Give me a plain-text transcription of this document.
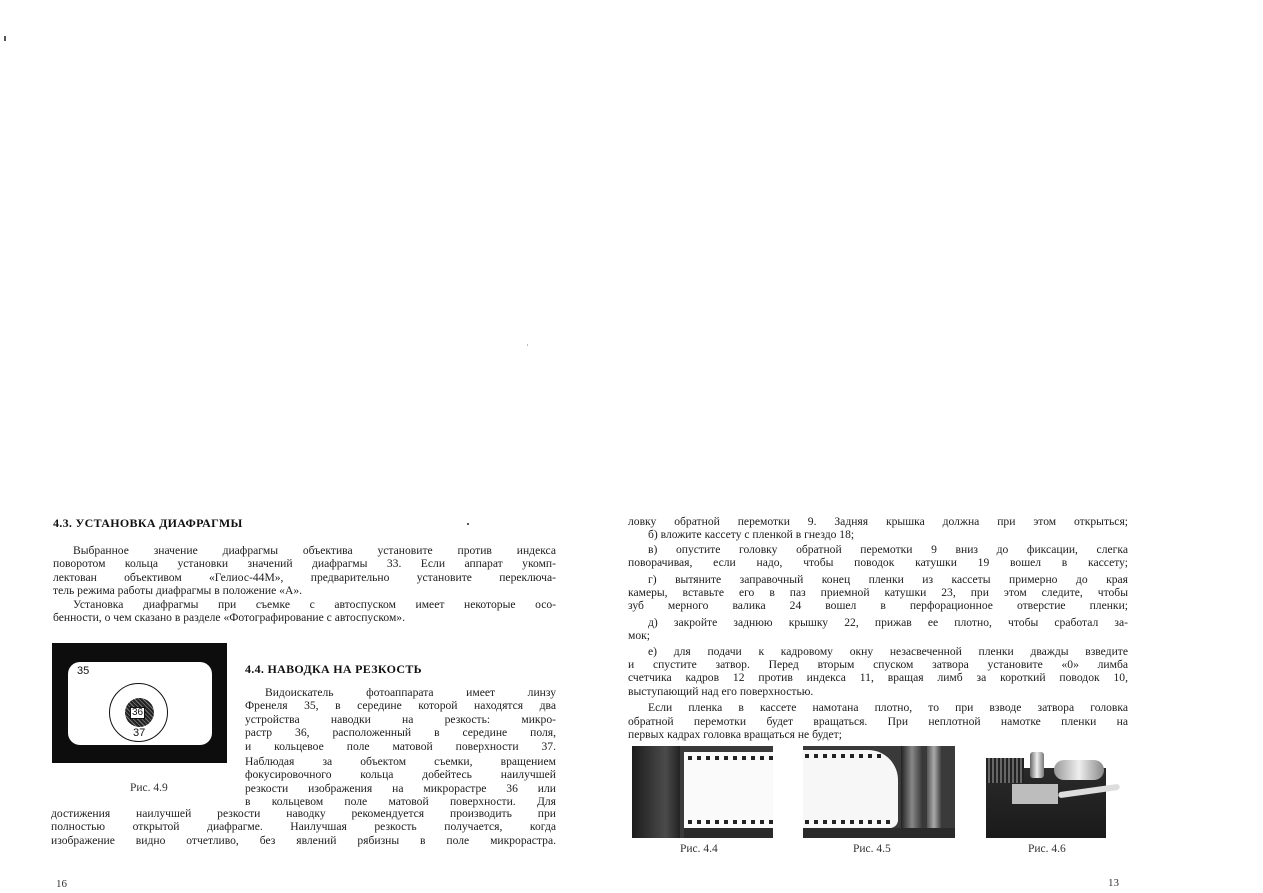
4.3. УСТАНОВКА ДИАФРАГМЫ
Выбранное значение диафрагмы объектива установите против индекса
поворотом кольца установки значений диафрагмы 33. Если аппарат укомп-
лектован объективом «Гелиос-44М», предварительно установите переключа-
тель режима работы диафрагмы в положение «А».
Установка диафрагмы при съемке с автоспуском имеет некоторые осо-
бенности, о чем сказано в разделе «Фотографирование с автоспуском».
35
36
37
Рис. 4.9
4.4. НАВОДКА НА РЕЗКОСТЬ
Видоискатель фотоаппарата имеет линзу
Френеля 35, в середине которой находятся два
устройства наводки на резкость: микро-
растр 36, расположенный в середине поля,
и кольцевое поле матовой поверхности 37.
Наблюдая за объектом съемки, вращением
фокусировочного кольца добейтесь наилучшей
резкости изображения на микрорастре 36 или
в кольцевом поле матовой поверхности. Для
достижения наилучшей резкости наводку рекомендуется производить при
полностью открытой диафрагме. Наилучшая резкость получается, когда
изображение видно отчетливо, без явлений рябизны в поле микрорастра.
16
ловку обратной перемотки 9. Задняя крышка должна при этом открыться;
б) вложите кассету с пленкой в гнездо 18;
в) опустите головку обратной перемотки 9 вниз до фиксации, слегка
поворачивая, если надо, чтобы поводок катушки 19 вошел в кассету;
г) вытяните заправочный конец пленки из кассеты примерно до края
камеры, вставьте его в паз приемной катушки 23, при этом следите, чтобы
зуб мерного валика 24 вошел в перфорационное отверстие пленки;
д) закройте заднюю крышку 22, прижав ее плотно, чтобы сработал за-
мок;
е) для подачи к кадровому окну незасвеченной пленки дважды взведите
и спустите затвор. Перед вторым спуском затвора установите «0» лимба
счетчика кадров 12 против индекса 11, вращая лимб за короткий поводок 10,
выступающий над его поверхностью.
Если пленка в кассете намотана плотно, то при взводе затвора головка
обратной перемотки будет вращаться. При неплотной намотке пленки на
первых кадрах головка вращаться не будет;
Рис. 4.4	Рис. 4.5	Рис. 4.6
13
